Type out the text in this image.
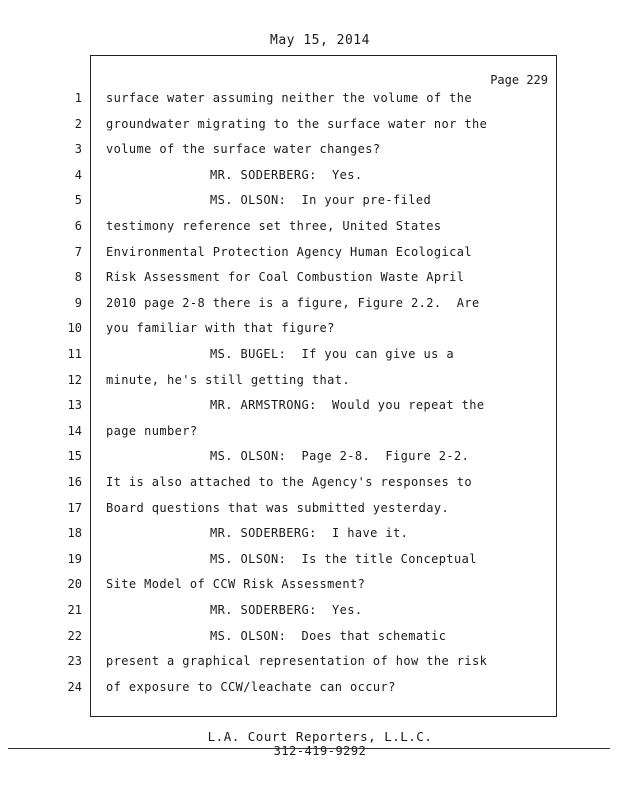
May 15, 2014
Page 229
1
2
3
4
5
6
7
8
9
10
11
12
13
14
15
16
17
18
19
20
21
22
23
24
surface water assuming neither the volume of the
groundwater migrating to the surface water nor the
volume of the surface water changes?
MR. SODERBERG:  Yes.
MS. OLSON:  In your pre-filed
testimony reference set three, United States
Environmental Protection Agency Human Ecological
Risk Assessment for Coal Combustion Waste April
2010 page 2-8 there is a figure, Figure 2.2.  Are
you familiar with that figure?
MS. BUGEL:  If you can give us a
minute, he's still getting that.
MR. ARMSTRONG:  Would you repeat the
page number?
MS. OLSON:  Page 2-8.  Figure 2-2.
It is also attached to the Agency's responses to
Board questions that was submitted yesterday.
MR. SODERBERG:  I have it.
MS. OLSON:  Is the title Conceptual
Site Model of CCW Risk Assessment?
MR. SODERBERG:  Yes.
MS. OLSON:  Does that schematic
present a graphical representation of how the risk
of exposure to CCW/leachate can occur?
L.A. Court Reporters, L.L.C.
312-419-9292
